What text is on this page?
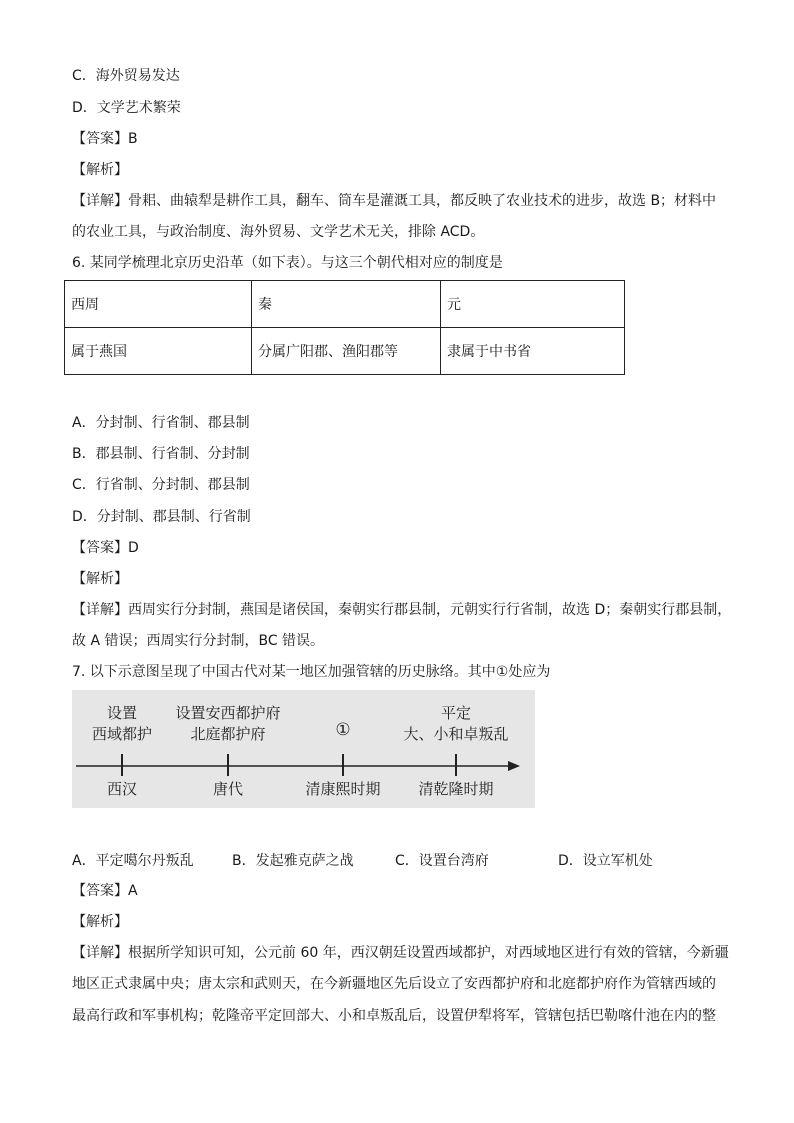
C．海外贸易发达
D．文学艺术繁荣
【答案】B
【解析】
【详解】骨耜、曲辕犁是耕作工具，翻车、筒车是灌溉工具，都反映了农业技术的进步，故选 B；材料中
的农业工具，与政治制度、海外贸易、文学艺术无关，排除 ACD。
6. 某同学梳理北京历史沿革（如下表）。与这三个朝代相对应的制度是
西周	秦	元
属于燕国	分属广阳郡、渔阳郡等	隶属于中书省
A．分封制、行省制、郡县制
B．郡县制、行省制、分封制
C．行省制、分封制、郡县制
D．分封制、郡县制、行省制
【答案】D
【解析】
【详解】西周实行分封制，燕国是诸侯国，秦朝实行郡县制，元朝实行行省制，故选 D；秦朝实行郡县制，
故 A 错误；西周实行分封制，BC 错误。
7. 以下示意图呈现了中国古代对某一地区加强管辖的历史脉络。其中①处应为
设置
西域都护
西汉
设置安西都护府
北庭都护府
唐代
①
清康熙时期
平定
大、小和卓叛乱
清乾隆时期
A．平定噶尔丹叛乱	B．发起雅克萨之战	C．设置台湾府	D．设立军机处
【答案】A
【解析】
【详解】根据所学知识可知，公元前 60 年，西汉朝廷设置西域都护，对西域地区进行有效的管辖，今新疆
地区正式隶属中央；唐太宗和武则天，在今新疆地区先后设立了安西都护府和北庭都护府作为管辖西域的
最高行政和军事机构；乾隆帝平定回部大、小和卓叛乱后，设置伊犁将军，管辖包括巴勒喀什池在内的整
